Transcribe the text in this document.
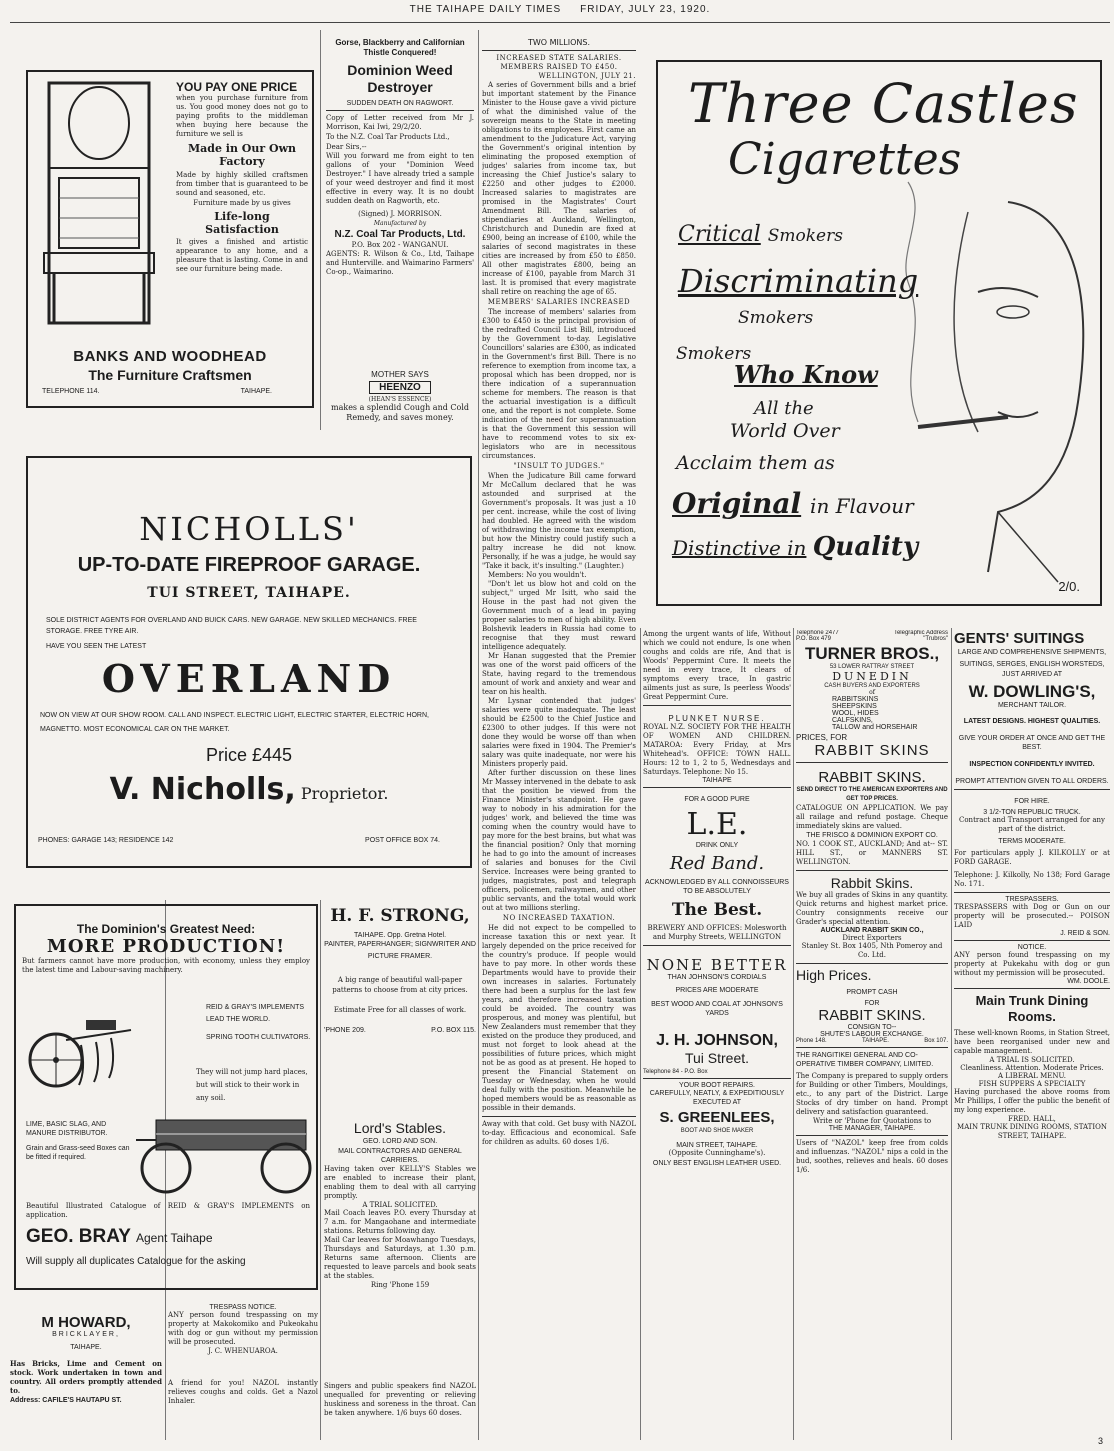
THE TAIHAPE DAILY TIMES FRIDAY, JULY 23, 1920.
YOU PAY ONE PRICE

when you purchase furniture from us. You good money does not go to paying profits to the middleman when buying here because the furniture we sell is

Made in Our Own Factory

Made by highly skilled craftsmen from timber that is guaranteed to be sound and seasoned, etc.

Furniture made by us gives

Life-long Satisfaction

It gives a finished and artistic appearance to any home, and a pleasure that is lasting. Come in and see our furniture being made.

BANKS AND WOODHEAD
The Furniture Craftsmen
TELEPHONE 114.	TAIHAPE.
Gorse, Blackberry and Californian Thistle Conquered!
Dominion Weed Destroyer
SUDDEN DEATH ON RAGWORT.

Copy of Letter received from Mr J. Morrison, Kai Iwi, 29/2/20.

To the N.Z. Coal Tar Products Ltd.,

Dear Sirs,--

Will you forward me from eight to ten gallons of your "Dominion Weed Destroyer." I have already tried a sample of your weed destroyer and find it most effective in every way. It is no doubt sudden death on Ragworth, etc.

(Signed) J. MORRISON.

Manufactured by

N.Z. Coal Tar Products, Ltd.

P.O. Box 202 - WANGANUI.

AGENTS: R. Wilson & Co., Ltd, Taihape and Hunterville. and Waimarino Farmers' Co-op., Waimarino.

MOTHER SAYS
HEENZO
(HEAN'S ESSENCE)
makes a splendid Cough and Cold Remedy, and saves money.
TWO MILLIONS.
INCREASED STATE SALARIES.
MEMBERS RAISED TO £450.
WELLINGTON, JULY 21.

A series of Government bills and a brief but important statement by the Finance Minister to the House gave a vivid picture of what the diminished value of the sovereign means to the State in meeting obligations to its employees. First came an amendment to the Judicature Act, varying the Government's original intention by eliminating the proposed exemption of judges' salaries from income tax, but increasing the Chief Justice's salary to £2250 and other judges to £2000. Increased salaries to magistrates are promised in the Magistrates' Court Amendment Bill. The salaries of stipendiaries at Auckland, Wellington, Christchurch and Dunedin are fixed at £900, being an increase of £100, while the salaries of second magistrates in these cities are increased by from £50 to £850. All other magistrates £800, being an increase of £100, payable from March 31 last. It is promised that every magistrate shall retire on reaching the age of 65.

MEMBERS' SALARIES INCREASED

The increase of members' salaries from £300 to £450 is the principal provision of the redrafted Council List Bill, introduced by the Government to-day. Legislative Councillors' salaries are £300, as indicated in the Government's first Bill. There is no reference to exemption from income tax, a proposal which has been dropped, nor is there indication of a superannuation scheme for members. The reason is that the actuarial investigation is a difficult one, and the report is not complete. Some indication of the need for superannuation is that the Government this session will have to recommend votes to six ex-legislators who are in necessitous circumstances.

"INSULT TO JUDGES."

When the Judicature Bill came forward Mr McCallum declared that he was astounded and surprised at the Government's proposals. It was just a 10 per cent. increase, while the cost of living had doubled. He agreed with the wisdom of withdrawing the income tax exemption, but how the Ministry could justify such a paltry increase he did not know. Personally, if he was a judge, he would say "Take it back, it's insulting." (Laughter.)

Members: No you wouldn't.

"Don't let us blow hot and cold on the subject," urged Mr Isitt, who said the House in the past had not given the Government much of a lead in paying proper salaries to men of high ability. Even Bolshevik leaders in Russia had come to recognise that they must reward intelligence adequately.

Mr Hanan suggested that the Premier was one of the worst paid officers of the State, having regard to the tremendous amount of work and anxiety and wear and tear on his health.

Mr Lysnar contended that judges' salaries were quite inadequate. The least should be £2500 to the Chief Justice and £2300 to other judges. If this were not done they would be worse off than when salaries were fixed in 1904. The Premier's salary was quite inadequate, nor were his Ministers properly paid.

After further discussion on these lines Mr Massey intervened in the debate to ask that the position be viewed from the Finance Minister's standpoint. He gave way to nobody in his admiration for the judges' work, and believed the time was coming when the country would have to pay more for the best brains, but what was the financial position? Only that morning he had to go into the amount of increases of salaries and bonuses for the Civil Service. Increases were being granted to judges, magistrates, post and telegraph officers, policemen, railwaymen, and other public servants, and the total would work out at two millions sterling.

NO INCREASED TAXATION.

He did not expect to be compelled to increase taxation this or next year. It largely depended on the price received for the country's produce. If people would have to pay more. In other words these Departments would have to provide their own increases in salaries. Fortunately there had been a surplus for the last few years, and therefore increased taxation could be avoided. The country was prosperous, and money was plentiful, but New Zealanders must remember that they existed on the produce they produced, and must not forget to look ahead at the possibilities of future prices, which might not be as good as at present. He hoped to present the Financial Statement on Tuesday or Wednesday, when he would deal fully with the position. Meanwhile he hoped members would be as reasonable as possible in their demands.

Away with that cold. Get busy with NAZOL to-day. Efficacious and economical. Safe for children as adults. 60 doses 1/6.

Three Castles
Cigarettes
Critical Smokers
Discriminating
Smokers
Smokers
Who Know
All the
World Over
Acclaim them as
Original in Flavour
Distinctive in Quality
2/0.
NICHOLLS'
UP-TO-DATE FIREPROOF GARAGE.
TUI STREET, TAIHAPE.
SOLE DISTRICT AGENTS FOR OVERLAND AND BUICK CARS. NEW GARAGE. NEW SKILLED MECHANICS. FREE STORAGE. FREE TYRE AIR.
HAVE YOU SEEN THE LATEST
OVERLAND
NOW ON VIEW AT OUR SHOW ROOM. CALL AND INSPECT. ELECTRIC LIGHT, ELECTRIC STARTER, ELECTRIC HORN, MAGNETTO. MOST ECONOMICAL CAR ON THE MARKET.
Price £445
V. Nicholls, Proprietor.
PHONES: GARAGE 143; RESIDENCE 142	POST OFFICE BOX 74.

Among the urgent wants of life, Without which we could not endure, Is one when coughs and colds are rife, And that is Woods' Peppermint Cure. It meets the need in every trace, It clears of symptoms every trace, In gastric ailments just as sure, Is peerless Woods' Great Peppermint Cure.

PLUNKET NURSE.

ROYAL N.Z. SOCIETY FOR THE HEALTH OF WOMEN AND CHILDREN. MATAROA: Every Friday, at Mrs Whitehead's. OFFICE: TOWN HALL. Hours: 12 to 1, 2 to 5, Wednesdays and Saturdays. Telephone: No 15.

TAIHAPE
FOR A GOOD PURE
L.E.
DRINK ONLY
Red Band.
ACKNOWLEDGED BY ALL CONNOISSEURS TO BE ABSOLUTELY
The Best.
BREWERY AND OFFICES: Molesworth and Murphy Streets, WELLINGTON
NONE BETTER
THAN JOHNSON'S CORDIALS
PRICES ARE MODERATE
BEST WOOD AND COAL AT JOHNSON'S YARDS
J. H. JOHNSON,
Tui Street.
Telephone 84 - P.O. Box
YOUR BOOT REPAIRS.
CAREFULLY, NEATLY, & EXPEDITIOUSLY EXECUTED AT
S. GREENLEES,
BOOT AND SHOE MAKER
MAIN STREET, TAIHAPE.
(Opposite Cunninghame's).
ONLY BEST ENGLISH LEATHER USED.
Telephone 2477	Telegraphic Address
P.O. Box 479	"Trubros"
TURNER BROS.,
53 LOWER RATTRAY STREET
DUNEDIN
CASH BUYERS AND EXPORTERS
of
RABBITSKINS
SHEEPSKINS
WOOL, HIDES
CALFSKINS,
TALLOW and HORSEHAIR
PRICES, FOR
RABBIT SKINS
RABBIT SKINS.
SEND DIRECT TO THE AMERICAN EXPORTERS AND GET TOP PRICES.

CATALOGUE ON APPLICATION. We pay all railage and refund postage. Cheque immediately skins are valued.

THE FRISCO & DOMINION EXPORT CO.

NO. 1 COOK ST., AUCKLAND; And at-- ST. HILL ST., or MANNERS ST. WELLINGTON.

Rabbit Skins.

We buy all grades of Skins in any quantity. Quick returns and highest market price. Country consignments receive our Grader's special attention.

AUCKLAND RABBIT SKIN CO.,
Direct Exporters
Stanley St. Box 1405, Nth Pomeroy and Co. Ltd.
High Prices.
PROMPT CASH
FOR
RABBIT SKINS.
CONSIGN TO--
SHUTE'S LABOUR EXCHANGE.
Phone 148.	TAIHAPE.	Box 107.
THE RANGITIKEI GENERAL AND CO-OPERATIVE TIMBER COMPANY, LIMITED.

The Company is prepared to supply orders for Building or other Timbers, Mouldings, etc., to any part of the District. Large Stocks of dry timber on hand. Prompt delivery and satisfaction guaranteed.

Write or 'Phone for Quotations to
THE MANAGER, TAIHAPE.

Users of "NAZOL" keep free from colds and influenzas. "NAZOL" nips a cold in the bud, soothes, relieves and heals. 60 doses 1/6.

GENTS' SUITINGS
LARGE AND COMPREHENSIVE SHIPMENTS, SUITINGS, SERGES, ENGLISH WORSTEDS,
JUST ARRIVED AT
W. DOWLING'S,
MERCHANT TAILOR.
LATEST DESIGNS. HIGHEST QUALITIES.
GIVE YOUR ORDER AT ONCE AND GET THE BEST.
INSPECTION CONFIDENTLY INVITED.
PROMPT ATTENTION GIVEN TO ALL ORDERS.
FOR HIRE.
3 1/2-TON REPUBLIC TRUCK.
Contract and Transport arranged for any part of the district.
TERMS MODERATE.

For particulars apply J. KILKOLLY or at FORD GARAGE.

Telephone: J. Kilkolly, No 138; Ford Garage No. 171.

TRESPASSERS.

TRESPASSERS with Dog or Gun on our property will be prosecuted.-- POISON LAID

J. REID & SON.
NOTICE.

ANY person found trespassing on my property at Pukekahu with dog or gun without my permission will be prosecuted.

WM. DOOLE.
Main Trunk Dining Rooms.

These well-known Rooms, in Station Street, have been reorganised under new and capable management.

A TRIAL IS SOLICITED.
Cleanliness. Attention. Moderate Prices.
A LIBERAL MENU.
FISH SUPPERS A SPECIALTY

Having purchased the above rooms from Mr Phillips, I offer the public the benefit of my long experience.

FRED. HALL,
MAIN TRUNK DINING ROOMS, STATION STREET, TAIHAPE.
The Dominion's Greatest Need:
MORE PRODUCTION!

But farmers cannot have more production, with economy, unless they employ the latest time and Labour-saving machinery.

REID & GRAY'S IMPLEMENTS LEAD THE WORLD.
SPRING TOOTH CULTIVATORS.
They will not jump hard places, but will stick to their work in any soil.
LIME, BASIC SLAG, AND MANURE DISTRIBUTOR.
Grain and Grass-seed Boxes can be fitted if required.

Beautiful Illustrated Catalogue of REID & GRAY'S IMPLEMENTS on application.

GEO. BRAY Agent Taihape
Will supply all duplicates Catalogue for the asking
H. F. STRONG,
TAIHAPE. Opp. Gretna Hotel.
PAINTER, PAPERHANGER; SIGNWRITER AND PICTURE FRAMER.
A big range of beautiful wall-paper patterns to choose from at city prices.
Estimate Free for all classes of work.
'PHONE 209.	P.O. BOX 115.
Lord's Stables.
GEO. LORD AND SON.
MAIL CONTRACTORS AND GENERAL CARRIERS.

Having taken over KELLY'S Stables we are enabled to increase their plant, enabling them to deal with all carrying promptly.

A TRIAL SOLICITED.

Mail Coach leaves P.O. every Thursday at 7 a.m. for Mangaohane and intermediate stations. Returns following day.

Mail Car leaves for Moawhango Tuesdays, Thursdays and Saturdays, at 1.30 p.m. Returns same afternoon. Clients are requested to leave parcels and book seats at the stables.

Ring 'Phone 159

Singers and public speakers find NAZOL unequalled for preventing or relieving huskiness and soreness in the throat. Can be taken anywhere. 1/6 buys 60 doses.

M HOWARD,
BRICKLAYER,
TAIHAPE.

Has Bricks, Lime and Cement on stock. Work undertaken in town and country. All orders promptly attended to.

Address: CAFILE'S HAUTAPU ST.
TRESPASS NOTICE.

ANY person found trespassing on my property at Makokomiko and Pukeokahu with dog or gun without my permission will be prosecuted.

J. C. WHENUAROA.

A friend for you! NAZOL instantly relieves coughs and colds. Get a Nazol Inhaler.

3
